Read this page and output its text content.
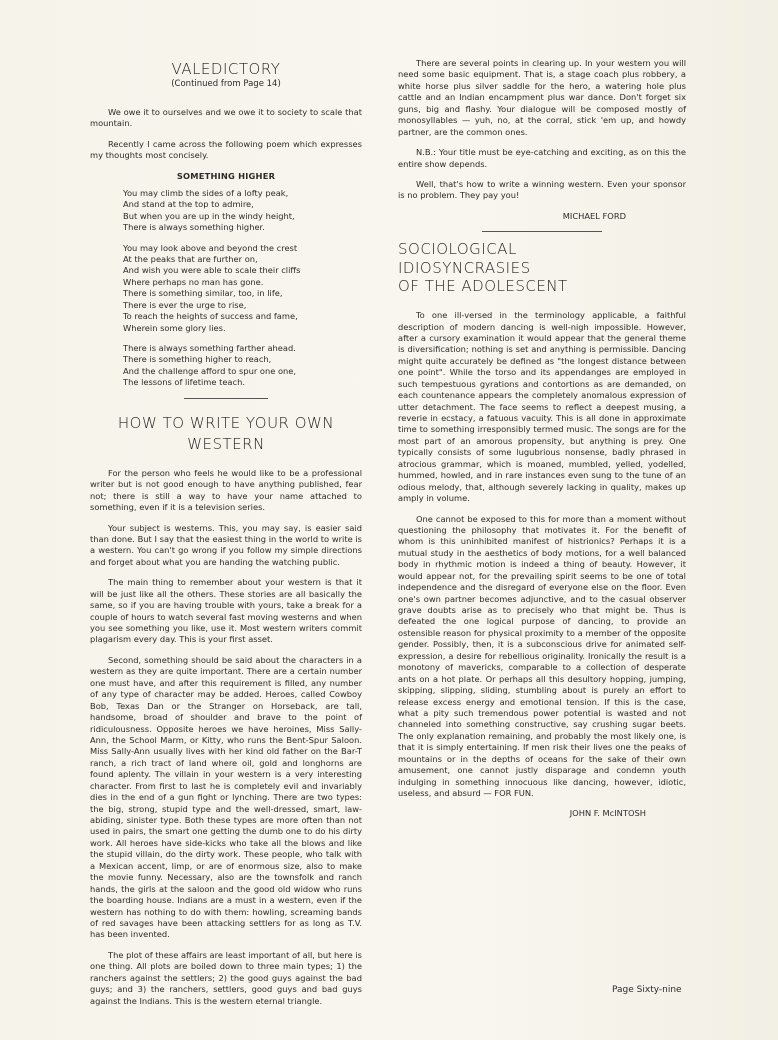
VALEDICTORY
(Continued from Page 14)

We owe it to ourselves and we owe it to society to scale that mountain.

Recently I came across the following poem which expresses my thoughts most concisely.

SOMETHING HIGHER
You may climb the sides of a lofty peak,
And stand at the top to admire,
But when you are up in the windy height,
There is always something higher.
You may look above and beyond the crest
At the peaks that are further on,
And wish you were able to scale their cliffs
Where perhaps no man has gone.
There is something similar, too, in life,
There is ever the urge to rise,
To reach the heights of success and fame,
Wherein some glory lies.
There is always something farther ahead.
There is something higher to reach,
And the challenge afford to spur one one,
The lessons of lifetime teach.
HOW TO WRITE YOUR OWN WESTERN

For the person who feels he would like to be a professional writer but is not good enough to have anything published, fear not; there is still a way to have your name attached to something, even if it is a television series.

Your subject is westerns. This, you may say, is easier said than done. But I say that the easiest thing in the world to write is a western. You can't go wrong if you follow my simple directions and forget about what you are handing the watching public.

The main thing to remember about your western is that it will be just like all the others. These stories are all basically the same, so if you are having trouble with yours, take a break for a couple of hours to watch several fast moving westerns and when you see something you like, use it. Most western writers commit plagarism every day. This is your first asset.

Second, something should be said about the characters in a western as they are quite important. There are a certain number one must have, and after this requirement is filled, any number of any type of character may be added. Heroes, called Cowboy Bob, Texas Dan or the Stranger on Horseback, are tall, handsome, broad of shoulder and brave to the point of ridiculousness. Opposite heroes we have heroines, Miss Sally-Ann, the School Marm, or Kitty, who runs the Bent-Spur Saloon. Miss Sally-Ann usually lives with her kind old father on the Bar-T ranch, a rich tract of land where oil, gold and longhorns are found aplenty. The villain in your western is a very interesting character. From first to last he is completely evil and invariably dies in the end of a gun fight or lynching. There are two types: the big, strong, stupid type and the well-dressed, smart, law-abiding, sinister type. Both these types are more often than not used in pairs, the smart one getting the dumb one to do his dirty work. All heroes have side-kicks who take all the blows and like the stupid villain, do the dirty work. These people, who talk with a Mexican accent, limp, or are of enormous size, also to make the movie funny. Necessary, also are the townsfolk and ranch hands, the girls at the saloon and the good old widow who runs the boarding house. Indians are a must in a western, even if the western has nothing to do with them: howling, screaming bands of red savages have been attacking settlers for as long as T.V. has been invented.

The plot of these affairs are least important of all, but here is one thing. All plots are boiled down to three main types; 1) the ranchers against the settlers; 2) the good guys against the bad guys; and 3) the ranchers, settlers, good guys and bad guys against the Indians. This is the western eternal triangle.

There are several points in clearing up. In your western you will need some basic equipment. That is, a stage coach plus robbery, a white horse plus silver saddle for the hero, a watering hole plus cattle and an Indian encampment plus war dance. Don't forget six guns, big and flashy. Your dialogue will be composed mostly of monosyllables — yuh, no, at the corral, stick 'em up, and howdy partner, are the common ones.

N.B.: Your title must be eye-catching and exciting, as on this the entire show depends.

Well, that's how to write a winning western. Even your sponsor is no problem. They pay you!

MICHAEL FORD
SOCIOLOGICAL
IDIOSYNCRASIES
OF THE ADOLESCENT

To one ill-versed in the terminology applicable, a faithful description of modern dancing is well-nigh impossible. However, after a cursory examination it would appear that the general theme is diversification; nothing is set and anything is permissible. Dancing might quite accurately be defined as "the longest distance between one point". While the torso and its appendanges are employed in such tempestuous gyrations and contortions as are demanded, on each countenance appears the completely anomalous expression of utter detachment. The face seems to reflect a deepest musing, a reverie in ecstacy, a fatuous vacuity. This is all done in approximate time to something irresponsibly termed music. The songs are for the most part of an amorous propensity, but anything is prey. One typically consists of some lugubrious nonsense, badly phrased in atrocious grammar, which is moaned, mumbled, yelled, yodelled, hummed, howled, and in rare instances even sung to the tune of an odious melody, that, although severely lacking in quality, makes up amply in volume.

One cannot be exposed to this for more than a moment without questioning the philosophy that motivates it. For the benefit of whom is this uninhibited manifest of histrionics? Perhaps it is a mutual study in the aesthetics of body motions, for a well balanced body in rhythmic motion is indeed a thing of beauty. However, it would appear not, for the prevailing spirit seems to be one of total independence and the disregard of everyone else on the floor. Even one's own partner becomes adjunctive, and to the casual observer grave doubts arise as to precisely who that might be. Thus is defeated the one logical purpose of dancing, to provide an ostensible reason for physical proximity to a member of the opposite gender. Possibly, then, it is a subconscious drive for animated self-expression, a desire for rebellious originality. Ironically the result is a monotony of mavericks, comparable to a collection of desperate ants on a hot plate. Or perhaps all this desultory hopping, jumping, skipping, slipping, sliding, stumbling about is purely an effort to release excess energy and emotional tension. If this is the case, what a pity such tremendous power potential is wasted and not channeled into something constructive, say crushing sugar beets. The only explanation remaining, and probably the most likely one, is that it is simply entertaining. If men risk their lives one the peaks of mountains or in the depths of oceans for the sake of their own amusement, one cannot justly disparage and condemn youth indulging in something innocuous like dancing, however, idiotic, useless, and absurd — FOR FUN.

JOHN F. McINTOSH
Page Sixty-nine
